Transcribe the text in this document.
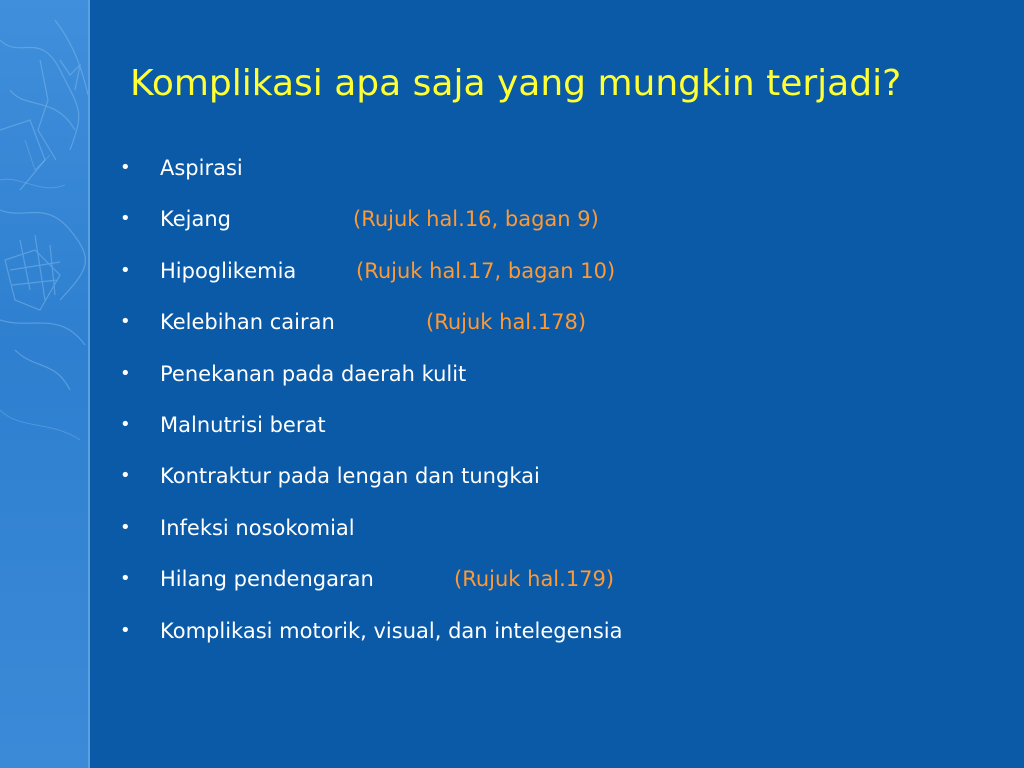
Komplikasi apa saja yang mungkin terjadi?
•	Aspirasi
•	Kejang	(Rujuk hal.16, bagan 9)
•	Hipoglikemia	(Rujuk hal.17, bagan 10)
•	Kelebihan cairan	(Rujuk hal.178)
•	Penekanan pada daerah kulit
•	Malnutrisi berat
•	Kontraktur pada lengan dan tungkai
•	Infeksi nosokomial
•	Hilang pendengaran	(Rujuk hal.179)
•	Komplikasi motorik, visual, dan intelegensia
